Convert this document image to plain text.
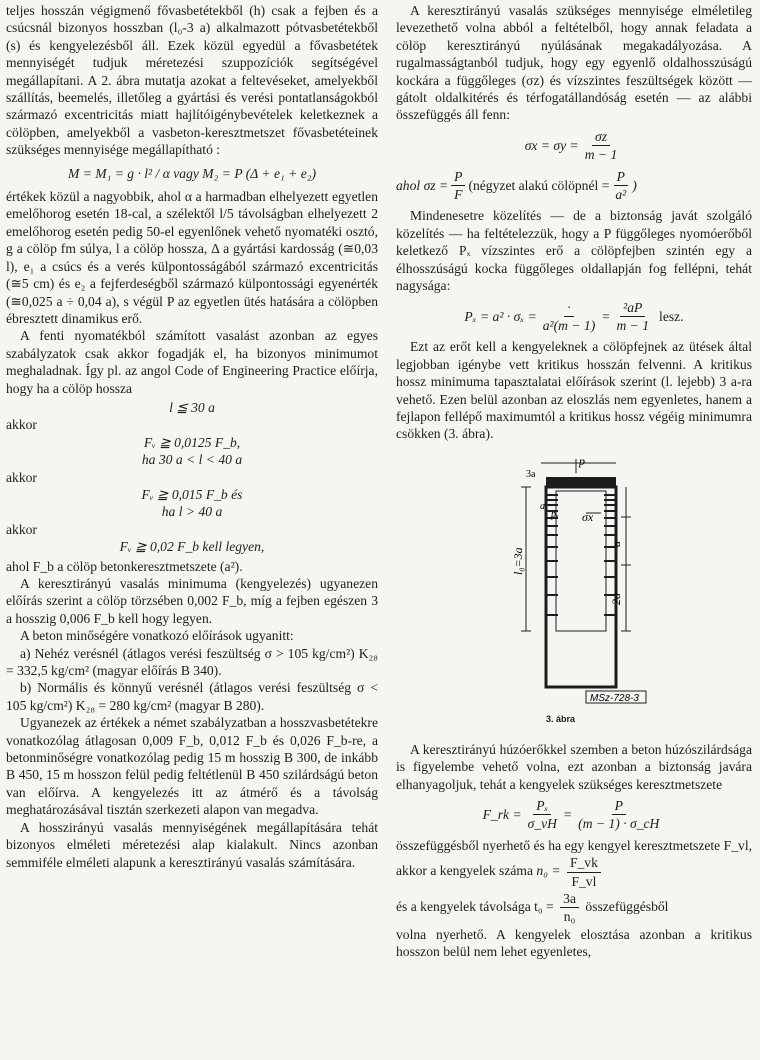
teljes hosszán végigmenő fővasbetétekből (h) csak a fejben és a csúcsnál bizonyos hosszban (l₀-3 a) alkalmazott pótvasbetétekből (s) és kengyelezésből áll. Ezek közül egyedül a fővasbetétek mennyiségét tudjuk méretezési szuppozíciók segítségével megállapítani. A 2. ábra mutatja azokat a feltevéseket, amelyekből szállítás, beemelés, illetőleg a gyártási és verési pontatlanságokból származó excentricitás miatt hajlítóigénybevételek keletkeznek a cölöpben, amelyekből a vasbeton-keresztmetszet fővasbetéteinek szükséges mennyisége megállapítható :

M = M₁ = g · l² / α vagy M₂ = P (Δ + e₁ + e₂)

értékek közül a nagyobbik, ahol α a harmadban elhelyezett egyetlen emelőhorog esetén 18-cal, a szélektől l/5 távolságban elhelyezett 2 emelőhorog esetén pedig 50-el egyenlőnek vehető nyomatéki osztó, g a cölöp fm súlya, l a cölöp hossza, Δ a gyártási kardosság (≅0,03 l), e₁ a csúcs és a verés külpontosságából származó excentricitás (≅5 cm) és e₂ a fejferdeségből származó külpontossági egyenérték (≅0,025 a ÷ 0,04 a), s végül P az egyetlen ütés hatására a cölöpben ébresztett dinamikus erő.

A fenti nyomatékból számított vasalást azonban az egyes szabályzatok csak akkor fogadják el, ha bizonyos minimumot meghaladnak. Így pl. az angol Code of Engineering Practice előírja, hogy ha a cölöp hossza

l ≦ 30 a
akkor
Fᵥ ≧ 0,0125 F_b,
ha 30 a < l < 40 a
akkor
Fᵥ ≧ 0,015 F_b és
ha l > 40 a
akkor
Fᵥ ≧ 0,02 F_b kell legyen,

ahol F_b a cölöp betonkeresztmetszete (a²).

A keresztirányú vasalás minimuma (kengyelezés) ugyanezen előírás szerint a cölöp törzsében 0,002 F_b, míg a fejben egészen 3 a hosszig 0,006 F_b kell hogy legyen.

A beton minőségére vonatkozó előírások ugyanitt:

a) Nehéz verésnél (átlagos verési feszültség σ > 105 kg/cm²) K₂₈ = 332,5 kg/cm² (magyar előírás B 340).

b) Normális és könnyű verésnél (átlagos verési feszültség σ < 105 kg/cm²) K₂₈ = 280 kg/cm² (magyar B 280).

Ugyanezek az értékek a német szabályzatban a hosszvasbetétekre vonatkozólag átlagosan 0,009 F_b, 0,012 F_b és 0,026 F_b-re, a betonminőségre vonatkozólag pedig 15 m hosszig B 300, de inkább B 450, 15 m hosszon felül pedig feltétlenül B 450 szilárdságú beton van előírva. A kengyelezés itt az átmérő és a távolság meghatározásával tisztán szerkezeti alapon van megadva.

A hosszirányú vasalás mennyiségének megállapítására tehát bizonyos elméleti méretezési alap kialakult. Nincs azonban semmiféle elméleti alapunk a keresztirányú vasalás számítására.

A keresztirányú vasalás szükséges mennyisége elméletileg levezethető volna abból a feltételből, hogy annak feladata a cölöp keresztirányú nyúlásának megakadályozása. A rugalmasságtanból tudjuk, hogy egy egyenlő oldalhosszúságú kockára a függőleges (σz) és vízszintes feszültségek között — gátolt oldalkitérés és térfogatállandóság esetén — az alábbi összefüggés áll fenn:

$\sigma x = \sigma y = \frac{\sigma z}{m - 1}$
ahol $\sigma z = \frac{P}{F}$ (négyzet alakú cölöpnél = $\frac{P}{\text{a²}}$ )

Mindenesetre közelítés — de a biztonság javát szolgáló közelítés — ha feltételezzük, hogy a P függőleges nyomóerőből keletkező Pₓ vízszintes erő a cölöpfejben szintén egy a élhosszúságú kocka függőleges oldallapján fog fellépni, tehát nagysága:

$P_x = a^2 \cdot \sigma_x = \frac{\cdot}{\text{a²(m − 1)}} = \frac{\text{²aP}}{m - 1}$ lesz.

Ezt az erőt kell a kengyeleknek a cölöpfejnek az ütések által legjobban igénybe vett kritikus hosszán felvenni. A kritikus hossz minimuma tapasztalatai előírások szerint (l. lejebb) 3 a-ra vehető. Ezen belül azonban az eloszlás nem egyenletes, hanem a fejlapon fellépő maximumtól a kritikus hossz végéig minimumra csökken (3. ábra).

p
3a
σx
pₓ
a
2a
l₀=3a
a
MSz-728-3
3. ábra

A keresztirányú húzóerőkkel szemben a beton húzószilárdsága is figyelembe vehető volna, ezt azonban a biztonság javára elhanyagoljuk, tehát a kengyelek szükséges keresztmetszete

F_rk = $\frac{\text{Pₓ}}{\sigma\_vH} = \frac{P}{(m - 1) \cdot \sigma\_cH}$

összefüggésből nyerhető és ha egy kengyel keresztmetszete F_vl, akkor a kengyelek száma $n_0 = \frac{F\_vk}{F\_vl}$

és a kengyelek távolsága $t_0 = \frac{3a}{\text{n₀}}$ összefüggésből

volna nyerhető. A kengyelek elosztása azonban a kritikus hosszon belül nem lehet egyenletes,
